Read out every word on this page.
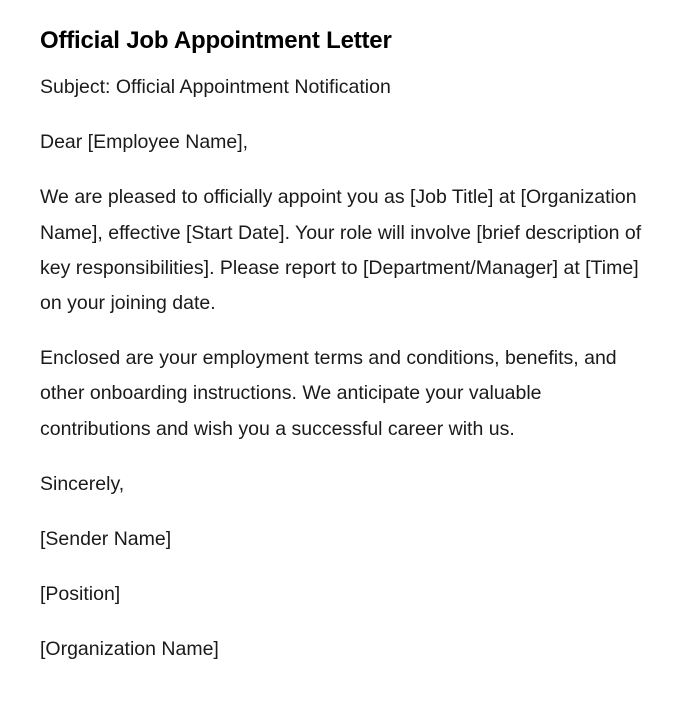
Official Job Appointment Letter

Subject: Official Appointment Notification

Dear [Employee Name],

We are pleased to officially appoint you as [Job Title] at [Organization Name], effective [Start Date]. Your role will involve [brief description of key responsibilities]. Please report to [Department/Manager] at [Time] on your joining date.

Enclosed are your employment terms and conditions, benefits, and other onboarding instructions. We anticipate your valuable contributions and wish you a successful career with us.

Sincerely,

[Sender Name]

[Position]

[Organization Name]
